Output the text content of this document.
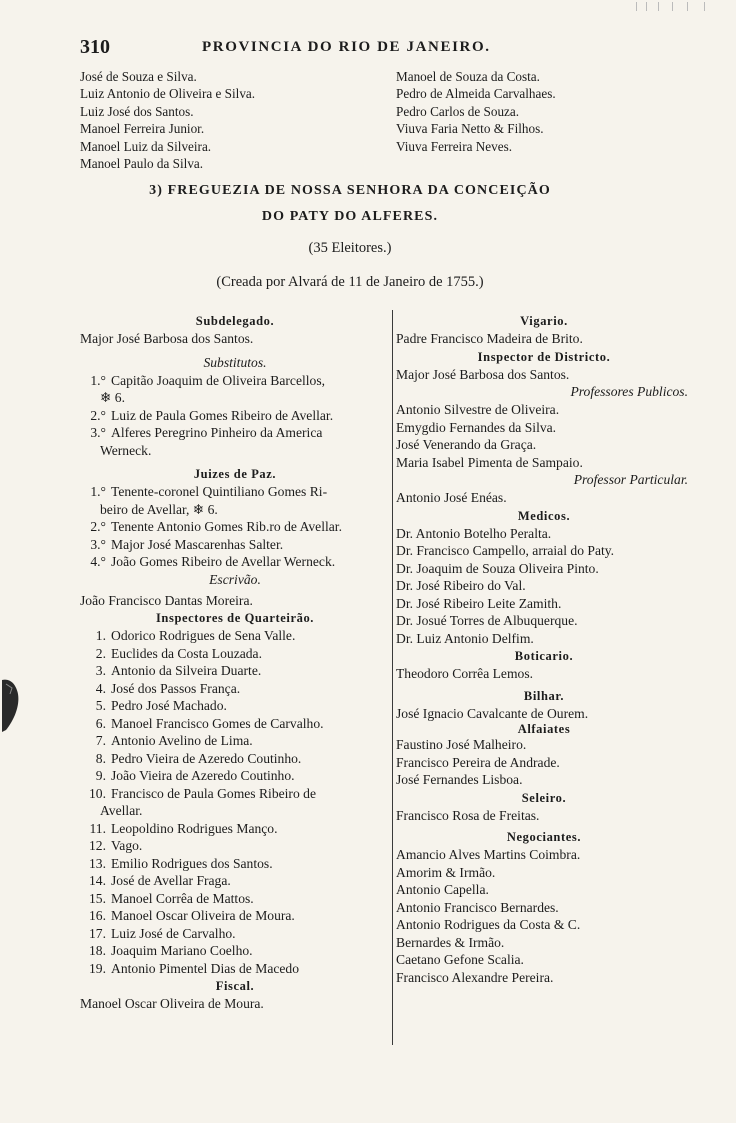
310	PROVINCIA DO RIO DE JANEIRO.
José de Souza e Silva.
Luiz Antonio de Oliveira e Silva.
Luiz José dos Santos.
Manoel Ferreira Junior.
Manoel Luiz da Silveira.
Manoel Paulo da Silva.
Manoel de Souza da Costa.
Pedro de Almeida Carvalhaes.
Pedro Carlos de Souza.
Viuva Faria Netto & Filhos.
Viuva Ferreira Neves.
3) FREGUEZIA DE NOSSA SENHORA DA CONCEIÇÃO
DO PATY DO ALFERES.
(35 Eleitores.)
(Creada por Alvará de 11 de Janeiro de 1755.)
Subdelegado.
Major José Barbosa dos Santos.
Substitutos.
1.° Capitão Joaquim de Oliveira Barcellos,
❄ 6.
2.° Luiz de Paula Gomes Ribeiro de Avellar.
3.° Alferes Peregrino Pinheiro da America
Werneck.
Juizes de Paz.
1.° Tenente-coronel Quintiliano Gomes Ri-
beiro de Avellar, ❄ 6.
2.° Tenente Antonio Gomes Rib.ro de Avellar.
3.° Major José Mascarenhas Salter.
4.° João Gomes Ribeiro de Avellar Werneck.
Escrivão.
João Francisco Dantas Moreira.
Inspectores de Quarteirão.
1. Odorico Rodrigues de Sena Valle.
2. Euclides da Costa Louzada.
3. Antonio da Silveira Duarte.
4. José dos Passos França.
5. Pedro José Machado.
6. Manoel Francisco Gomes de Carvalho.
7. Antonio Avelino de Lima.
8. Pedro Vieira de Azeredo Coutinho.
9. João Vieira de Azeredo Coutinho.
10. Francisco de Paula Gomes Ribeiro de
Avellar.
11. Leopoldino Rodrigues Manço.
12. Vago.
13. Emilio Rodrigues dos Santos.
14. José de Avellar Fraga.
15. Manoel Corrêa de Mattos.
16. Manoel Oscar Oliveira de Moura.
17. Luiz José de Carvalho.
18. Joaquim Mariano Coelho.
19. Antonio Pimentel Dias de Macedo
Fiscal.
Manoel Oscar Oliveira de Moura.
Vigario.
Padre Francisco Madeira de Brito.
Inspector de Districto.
Major José Barbosa dos Santos.
Professores Publicos.
Antonio Silvestre de Oliveira.
Emygdio Fernandes da Silva.
José Venerando da Graça.
Maria Isabel Pimenta de Sampaio.
Professor Particular.
Antonio José Enéas.
Medicos.
Dr. Antonio Botelho Peralta.
Dr. Francisco Campello, arraial do Paty.
Dr. Joaquim de Souza Oliveira Pinto.
Dr. José Ribeiro do Val.
Dr. José Ribeiro Leite Zamith.
Dr. Josué Torres de Albuquerque.
Dr. Luiz Antonio Delfim.
Boticario.
Theodoro Corrêa Lemos.
Bilhar.
José Ignacio Cavalcante de Ourem.
Alfaiates
Faustino José Malheiro.
Francisco Pereira de Andrade.
José Fernandes Lisboa.
Seleiro.
Francisco Rosa de Freitas.
Negociantes.
Amancio Alves Martins Coimbra.
Amorim & Irmão.
Antonio Capella.
Antonio Francisco Bernardes.
Antonio Rodrigues da Costa & C.
Bernardes & Irmão.
Caetano Gefone Scalia.
Francisco Alexandre Pereira.
